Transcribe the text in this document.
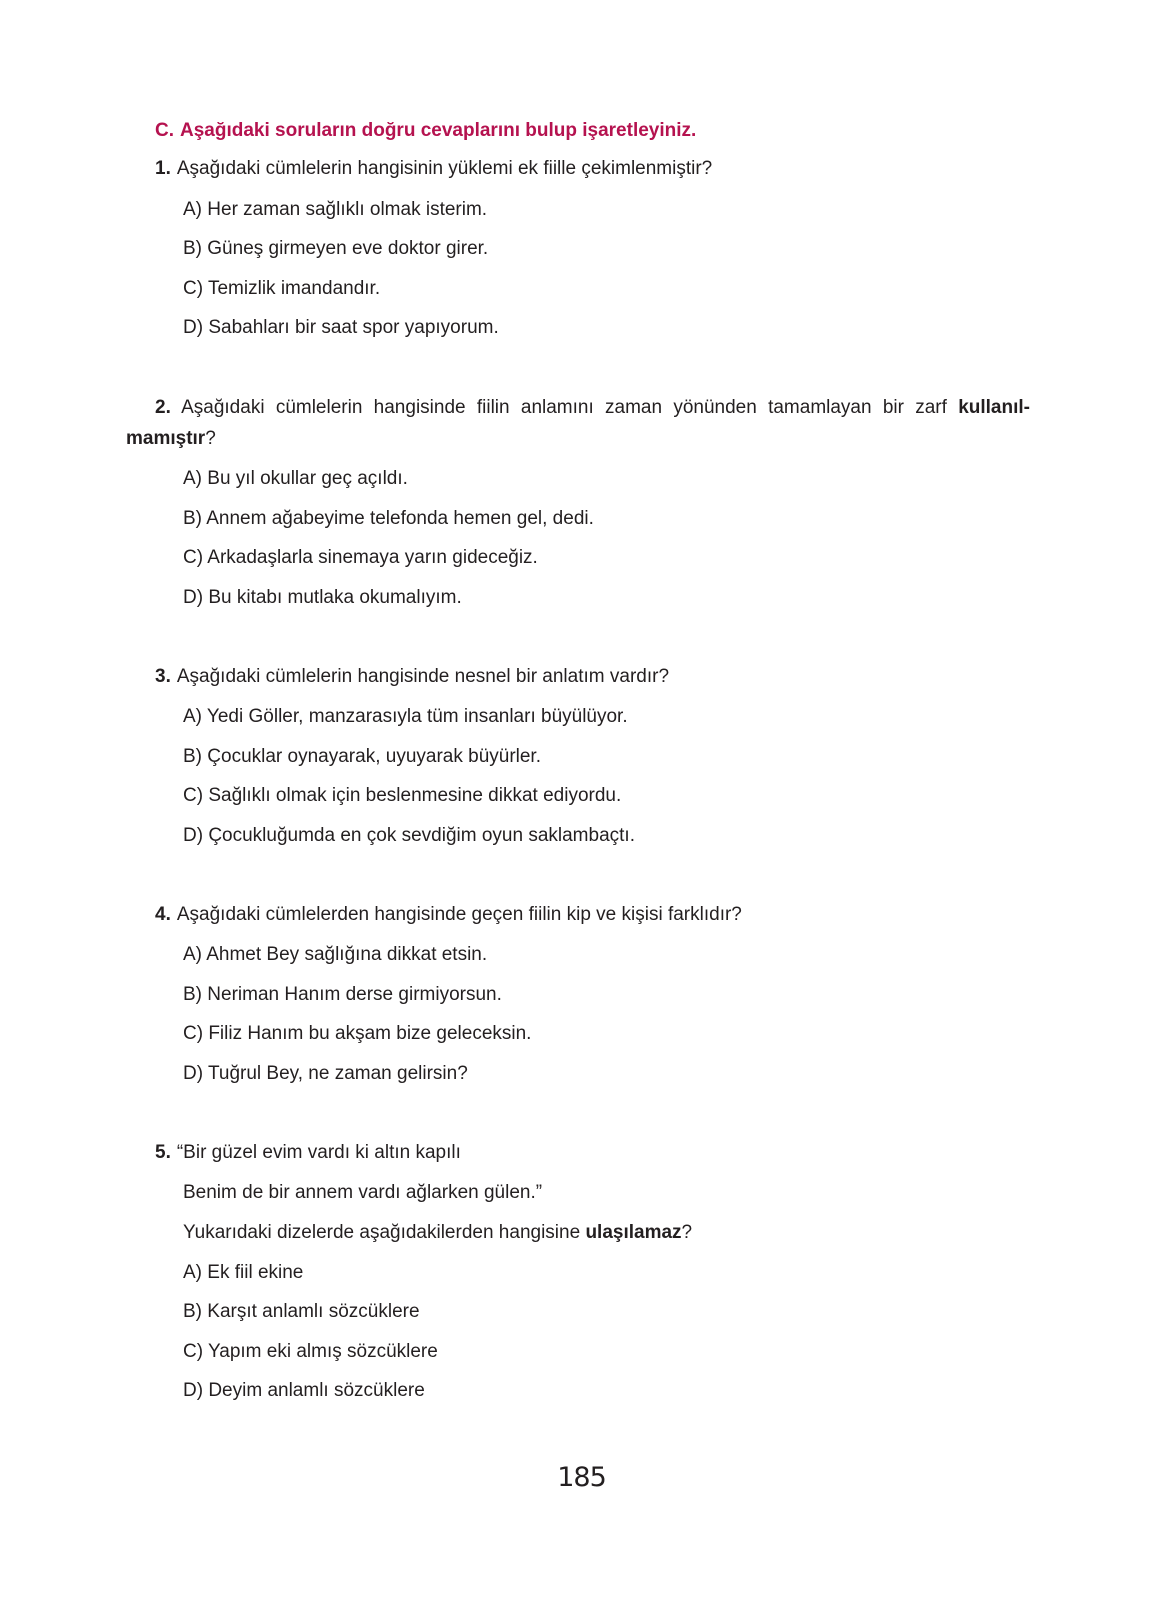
C. Aşağıdaki soruların doğru cevaplarını bulup işaretleyiniz.
1. Aşağıdaki cümlelerin hangisinin yüklemi ek fiille çekimlenmiştir?
A) Her zaman sağlıklı olmak isterim.
B) Güneş girmeyen eve doktor girer.
C) Temizlik imandandır.
D) Sabahları bir saat spor yapıyorum.
2. Aşağıdaki cümlelerin hangisinde fiilin anlamını zaman yönünden tamamlayan bir zarf kullanıl-
mamıştır?
A) Bu yıl okullar geç açıldı.
B) Annem ağabeyime telefonda hemen gel, dedi.
C) Arkadaşlarla sinemaya yarın gideceğiz.
D) Bu kitabı mutlaka okumalıyım.
3. Aşağıdaki cümlelerin hangisinde nesnel bir anlatım vardır?
A) Yedi Göller, manzarasıyla tüm insanları büyülüyor.
B) Çocuklar oynayarak, uyuyarak büyürler.
C) Sağlıklı olmak için beslenmesine dikkat ediyordu.
D) Çocukluğumda en çok sevdiğim oyun saklambaçtı.
4. Aşağıdaki cümlelerden hangisinde geçen fiilin kip ve kişisi farklıdır?
A) Ahmet Bey sağlığına dikkat etsin.
B) Neriman Hanım derse girmiyorsun.
C) Filiz Hanım bu akşam bize geleceksin.
D) Tuğrul Bey, ne zaman gelirsin?
5. “Bir güzel evim vardı ki altın kapılı
Benim de bir annem vardı ağlarken gülen.”
Yukarıdaki dizelerde aşağıdakilerden hangisine ulaşılamaz?
A) Ek fiil ekine
B) Karşıt anlamlı sözcüklere
C) Yapım eki almış sözcüklere
D) Deyim anlamlı sözcüklere
185
